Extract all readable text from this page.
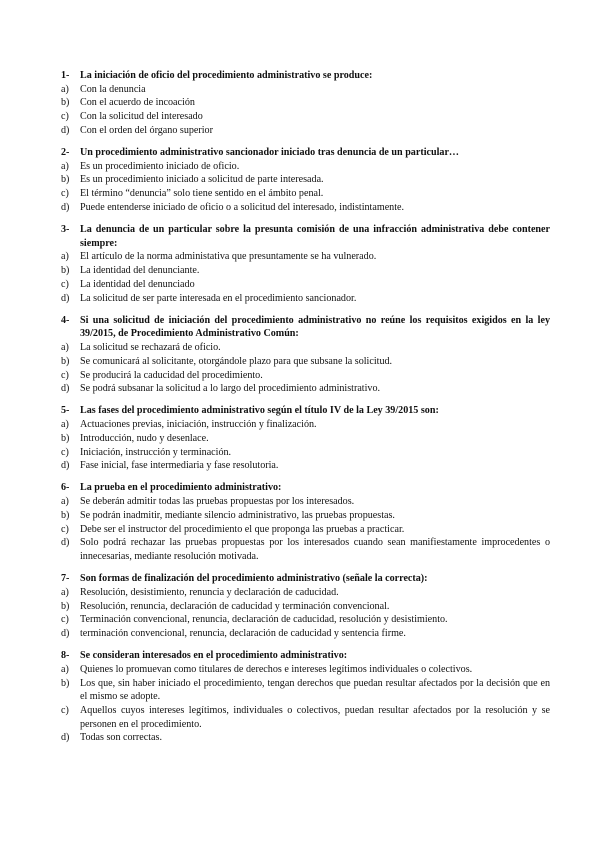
1-	La iniciación de oficio del procedimiento administrativo se produce:
a)	Con la denuncia
b)	Con el acuerdo de incoación
c)	Con la solicitud del interesado
d)	Con el orden del órgano superior
2-	Un procedimiento administrativo sancionador iniciado tras denuncia de un particular…
a)	Es un procedimiento iniciado de oficio.
b)	Es un procedimiento iniciado a solicitud de parte interesada.
c)	El término “denuncia” solo tiene sentido en el ámbito penal.
d)	Puede entenderse iniciado de oficio o a solicitud del interesado, indistintamente.
3-	La denuncia de un particular sobre la presunta comisión de una infracción administrativa debe contener siempre:
a)	El artículo de la norma administativa que presuntamente se ha vulnerado.
b)	La identidad del denunciante.
c)	La identidad del denunciado
d)	La solicitud de ser parte interesada en el procedimiento sancionador.
4-	Si una solicitud de iniciación del procedimiento administrativo no reúne los requisitos exigidos en la ley 39/2015, de Procedimiento Administrativo Común:
a)	La solicitud se rechazará de oficio.
b)	Se comunicará al solicitante, otorgándole plazo para que subsane la solicitud.
c)	Se producirá la caducidad del procedimiento.
d)	Se podrá subsanar la solicitud a lo largo del procedimiento administrativo.
5-	Las fases del procedimiento administrativo según el título IV de la Ley 39/2015 son:
a)	Actuaciones previas, iniciación, instrucción y finalización.
b)	Introducción, nudo y desenlace.
c)	Iniciación, instrucción y terminación.
d)	Fase inicial, fase intermediaria y fase resolutoria.
6-	La prueba en el procedimiento administrativo:
a)	Se deberán admitir todas las pruebas propuestas por los interesados.
b)	Se podrán inadmitir, mediante silencio administrativo, las pruebas propuestas.
c)	Debe ser el instructor del procedimiento el que proponga las pruebas a practicar.
d)	Solo podrá rechazar las pruebas propuestas por los interesados cuando sean manifiestamente improcedentes o innecesarias, mediante resolución motivada.
7-	Son formas de finalización del procedimiento administrativo (señale la correcta):
a)	Resolución, desistimiento, renuncia y declaración de caducidad.
b)	Resolución, renuncia, declaración de caducidad y terminación convencional.
c)	Terminación convencional, renuncia, declaración de caducidad, resolución y desistimiento.
d)	terminación convencional, renuncia, declaración de caducidad y sentencia firme.
8-	Se consideran interesados en el procedimiento administrativo:
a)	Quienes lo promuevan como titulares de derechos e intereses legítimos individuales o colectivos.
b)	Los que, sin haber iniciado el procedimiento, tengan derechos que puedan resultar afectados por la decisión que en el mismo se adopte.
c)	Aquellos cuyos intereses legítimos, individuales o colectivos, puedan resultar afectados por la resolución y se personen en el procedimiento.
d)	Todas son correctas.
